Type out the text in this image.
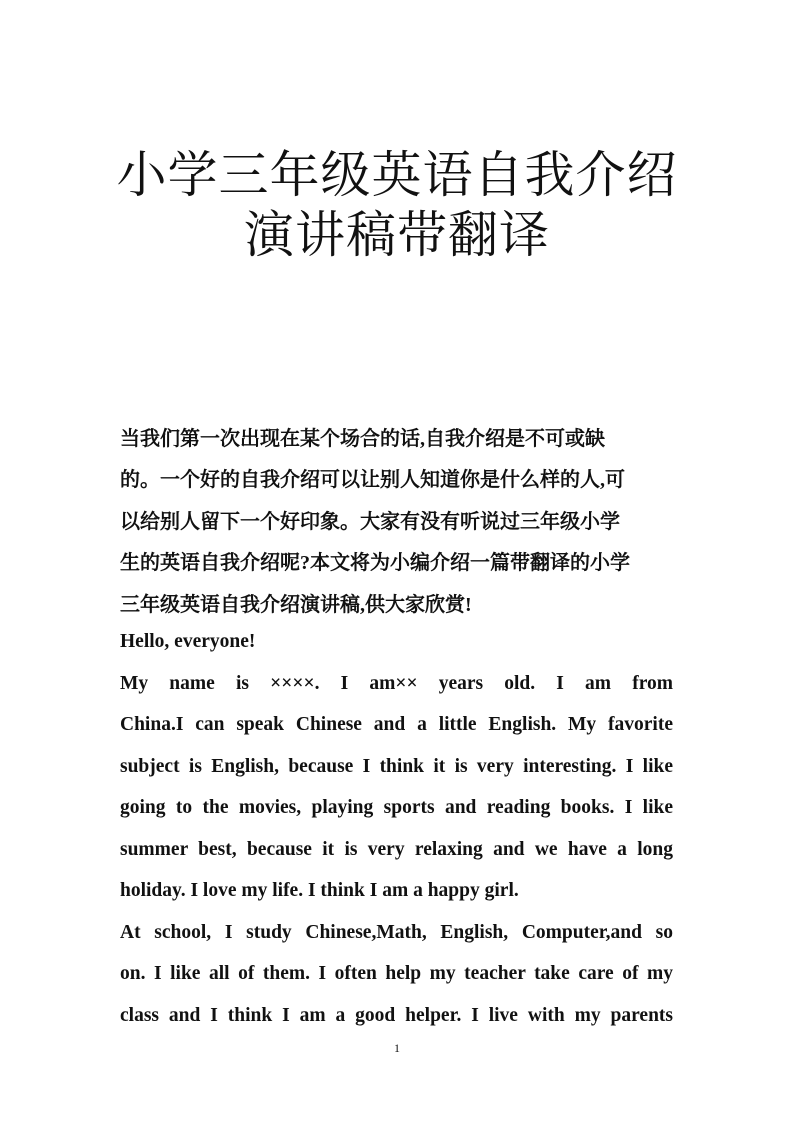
小学三年级英语自我介绍
演讲稿带翻译
当我们第一次出现在某个场合的话,自我介绍是不可或缺
的。一个好的自我介绍可以让别人知道你是什么样的人,可
以给别人留下一个好印象。大家有没有听说过三年级小学
生的英语自我介绍呢?本文将为小编介绍一篇带翻译的小学
三年级英语自我介绍演讲稿,供大家欣赏!
Hello, everyone!
My name is ××××. I am×× years old. I am from
China.I can speak Chinese and a little English. My favorite
subject is English, because I think it is very interesting. I like
going to the movies, playing sports and reading books. I like
summer best, because it is very relaxing and we have a long
holiday. I love my life. I think I am a happy girl.
At school, I study Chinese,Math, English, Computer,and so
on. I like all of them. I often help my teacher take care of my
class and I think I am a good helper. I live with my parents
1
